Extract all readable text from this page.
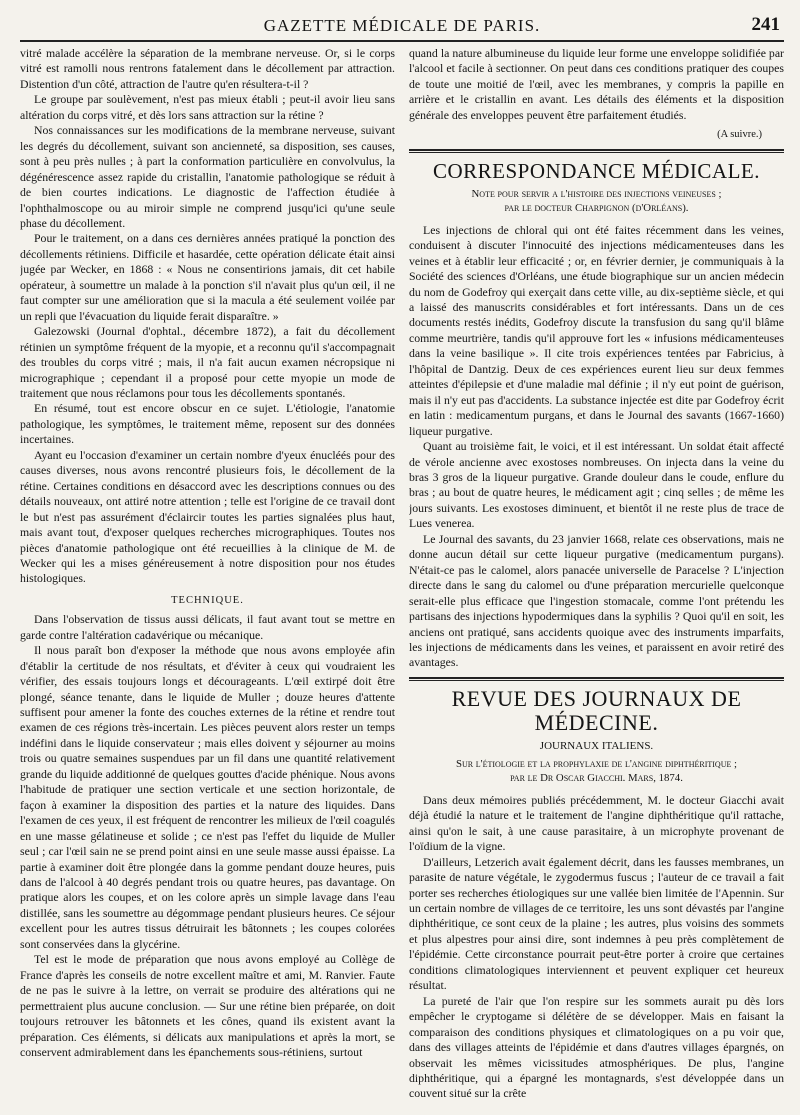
GAZETTE MÉDICALE DE PARIS.	241

vitré malade accélère la séparation de la membrane nerveuse. Or, si le corps vitré est ramolli nous rentrons fatalement dans le décollement par attraction. Distention d'un côté, attraction de l'autre qu'en résultera-t-il ?

Le groupe par soulèvement, n'est pas mieux établi ; peut-il avoir lieu sans altération du corps vitré, et dès lors sans attraction sur la rétine ?

Nos connaissances sur les modifications de la membrane nerveuse, suivant les degrés du décollement, suivant son ancienneté, sa disposition, ses causes, sont à peu près nulles ; à part la conformation particulière en convolvulus, la dégénérescence assez rapide du cristallin, l'anatomie pathologique se réduit à de bien courtes indications. Le diagnostic de l'affection étudiée à l'ophthalmoscope ou au miroir simple ne comprend jusqu'ici qu'une seule phase du décollement.

Pour le traitement, on a dans ces dernières années pratiqué la ponction des décollements rétiniens. Difficile et hasardée, cette opération délicate était ainsi jugée par Wecker, en 1868 : « Nous ne consentirions jamais, dit cet habile opérateur, à soumettre un malade à la ponction s'il n'avait plus qu'un œil, il ne faut compter sur une amélioration que si la macula a été seulement voilée par un repli que l'évacuation du liquide ferait disparaître. »

Galezowski (Journal d'ophtal., décembre 1872), a fait du décollement rétinien un symptôme fréquent de la myopie, et a reconnu qu'il s'accompagnait des troubles du corps vitré ; mais, il n'a fait aucun examen nécropsique ni micrographique ; cependant il a proposé pour cette myopie un mode de traitement que nous réclamons pour tous les décollements spontanés.

En résumé, tout est encore obscur en ce sujet. L'étiologie, l'anatomie pathologique, les symptômes, le traitement même, reposent sur des données incertaines.

Ayant eu l'occasion d'examiner un certain nombre d'yeux énucléés pour des causes diverses, nous avons rencontré plusieurs fois, le décollement de la rétine. Certaines conditions en désaccord avec les descriptions connues ou des détails nouveaux, ont attiré notre attention ; telle est l'origine de ce travail dont le but n'est pas assurément d'éclaircir toutes les parties signalées plus haut, mais avant tout, d'exposer quelques recherches micrographiques. Toutes nos pièces d'anatomie pathologique ont été recueillies à la clinique de M. de Wecker qui les a mises généreusement à notre disposition pour nos études histologiques.

TECHNIQUE.

Dans l'observation de tissus aussi délicats, il faut avant tout se mettre en garde contre l'altération cadavérique ou mécanique.

Il nous paraît bon d'exposer la méthode que nous avons employée afin d'établir la certitude de nos résultats, et d'éviter à ceux qui voudraient les vérifier, des essais toujours longs et décourageants. L'œil extirpé doit être plongé, séance tenante, dans le liquide de Muller ; douze heures d'attente suffisent pour amener la fonte des couches externes de la rétine et rendre tout examen de ces régions très-incertain. Les pièces peuvent alors rester un temps indéfini dans le liquide conservateur ; mais elles doivent y séjourner au moins trois ou quatre semaines suspendues par un fil dans une quantité relativement grande du liquide additionné de quelques gouttes d'acide phénique. Nous avons l'habitude de pratiquer une section verticale et une section horizontale, de façon à examiner la disposition des parties et la nature des liquides. Dans l'examen de ces yeux, il est fréquent de rencontrer les milieux de l'œil coagulés en une masse gélatineuse et solide ; ce n'est pas l'effet du liquide de Muller seul ; car l'œil sain ne se prend point ainsi en une seule masse aussi épaisse. La partie à examiner doit être plongée dans la gomme pendant douze heures, puis dans de l'alcool à 40 degrés pendant trois ou quatre heures, pas davantage. On pratique alors les coupes, et on les colore après un simple lavage dans l'eau distillée, sans les soumettre au dégommage pendant plusieurs heures. Ce séjour excellent pour les autres tissus détruirait les bâtonnets ; les coupes colorées sont conservées dans la glycérine.

Tel est le mode de préparation que nous avons employé au Collège de France d'après les conseils de notre excellent maître et ami, M. Ranvier. Faute de ne pas le suivre à la lettre, on verrait se produire des altérations qui ne permettraient plus aucune conclusion. — Sur une rétine bien préparée, on doit toujours retrouver les bâtonnets et les cônes, quand ils existent avant la préparation. Ces éléments, si délicats aux manipulations et après la mort, se conservent admirablement dans les épanchements sous-rétiniens, surtout

quand la nature albumineuse du liquide leur forme une enveloppe solidifiée par l'alcool et facile à sectionner. On peut dans ces conditions pratiquer des coupes de toute une moitié de l'œil, avec les membranes, y compris la papille en arrière et le cristallin en avant. Les détails des éléments et la disposition générale des enveloppes peuvent être parfaitement étudiés.

(A suivre.)
CORRESPONDANCE MÉDICALE.
Note pour servir a l'histoire des injections veineuses ;
par le docteur Charpignon (d'Orléans).

Les injections de chloral qui ont été faites récemment dans les veines, conduisent à discuter l'innocuité des injections médicamenteuses dans les veines et à établir leur efficacité ; or, en février dernier, je communiquais à la Société des sciences d'Orléans, une étude biographique sur un ancien médecin du nom de Godefroy qui exerçait dans cette ville, au dix-septième siècle, et qui a laissé des manuscrits considérables et fort intéressants. Dans un de ces documents restés inédits, Godefroy discute la transfusion du sang qu'il blâme comme meurtrière, tandis qu'il approuve fort les « infusions médicamenteuses dans la veine basilique ». Il cite trois expériences tentées par Fabricius, à l'hôpital de Dantzig. Deux de ces expériences eurent lieu sur deux femmes atteintes d'épilepsie et d'une maladie mal définie ; il n'y eut point de guérison, mais il n'y eut pas d'accidents. La substance injectée est dite par Godefroy écrit en latin : medicamentum purgans, et dans le Journal des savants (1667-1660) liqueur purgative.

Quant au troisième fait, le voici, et il est intéressant. Un soldat était affecté de vérole ancienne avec exostoses nombreuses. On injecta dans la veine du bras 3 gros de la liqueur purgative. Grande douleur dans le coude, enflure du bras ; au bout de quatre heures, le médicament agit ; cinq selles ; de même les jours suivants. Les exostoses diminuent, et bientôt il ne reste plus de trace de Lues venerea.

Le Journal des savants, du 23 janvier 1668, relate ces observations, mais ne donne aucun détail sur cette liqueur purgative (medicamentum purgans). N'était-ce pas le calomel, alors panacée universelle de Paracelse ? L'injection directe dans le sang du calomel ou d'une préparation mercurielle quelconque serait-elle plus efficace que l'ingestion stomacale, comme l'ont prétendu les partisans des injections hypodermiques dans la syphilis ? Quoi qu'il en soit, les anciens ont pratiqué, sans accidents quoique avec des instruments imparfaits, les injections de médicaments dans les veines, et paraissent en avoir retiré des avantages.

REVUE DES JOURNAUX DE MÉDECINE.
JOURNAUX ITALIENS.
Sur l'étiologie et la prophylaxie de l'angine diphthéritique ;
par le Dr Oscar Giacchi. Mars, 1874.

Dans deux mémoires publiés précédemment, M. le docteur Giacchi avait déjà étudié la nature et le traitement de l'angine diphthéritique qu'il rattache, ainsi qu'on le sait, à une cause parasitaire, à un microphyte provenant de l'oïdium de la vigne.

D'ailleurs, Letzerich avait également décrit, dans les fausses membranes, un parasite de nature végétale, le zygodermus fuscus ; l'auteur de ce travail a fait porter ses recherches étiologiques sur une vallée bien limitée de l'Apennin. Sur un certain nombre de villages de ce territoire, les uns sont dévastés par l'angine diphthéritique, ce sont ceux de la plaine ; les autres, plus voisins des sommets et plus alpestres pour ainsi dire, sont indemnes à peu près complètement de l'épidémie. Cette circonstance pourrait peut-être porter à croire que certaines conditions climatologiques interviennent et peuvent expliquer cet heureux résultat.

La pureté de l'air que l'on respire sur les sommets aurait pu dès lors empêcher le cryptogame si délétère de se développer. Mais en faisant la comparaison des conditions physiques et climatologiques on a pu voir que, dans des villages atteints de l'épidémie et dans d'autres villages épargnés, on observait les mêmes vicissitudes atmosphériques. De plus, l'angine diphthéritique, qui a épargné les montagnards, s'est développée dans un couvent situé sur la crête
